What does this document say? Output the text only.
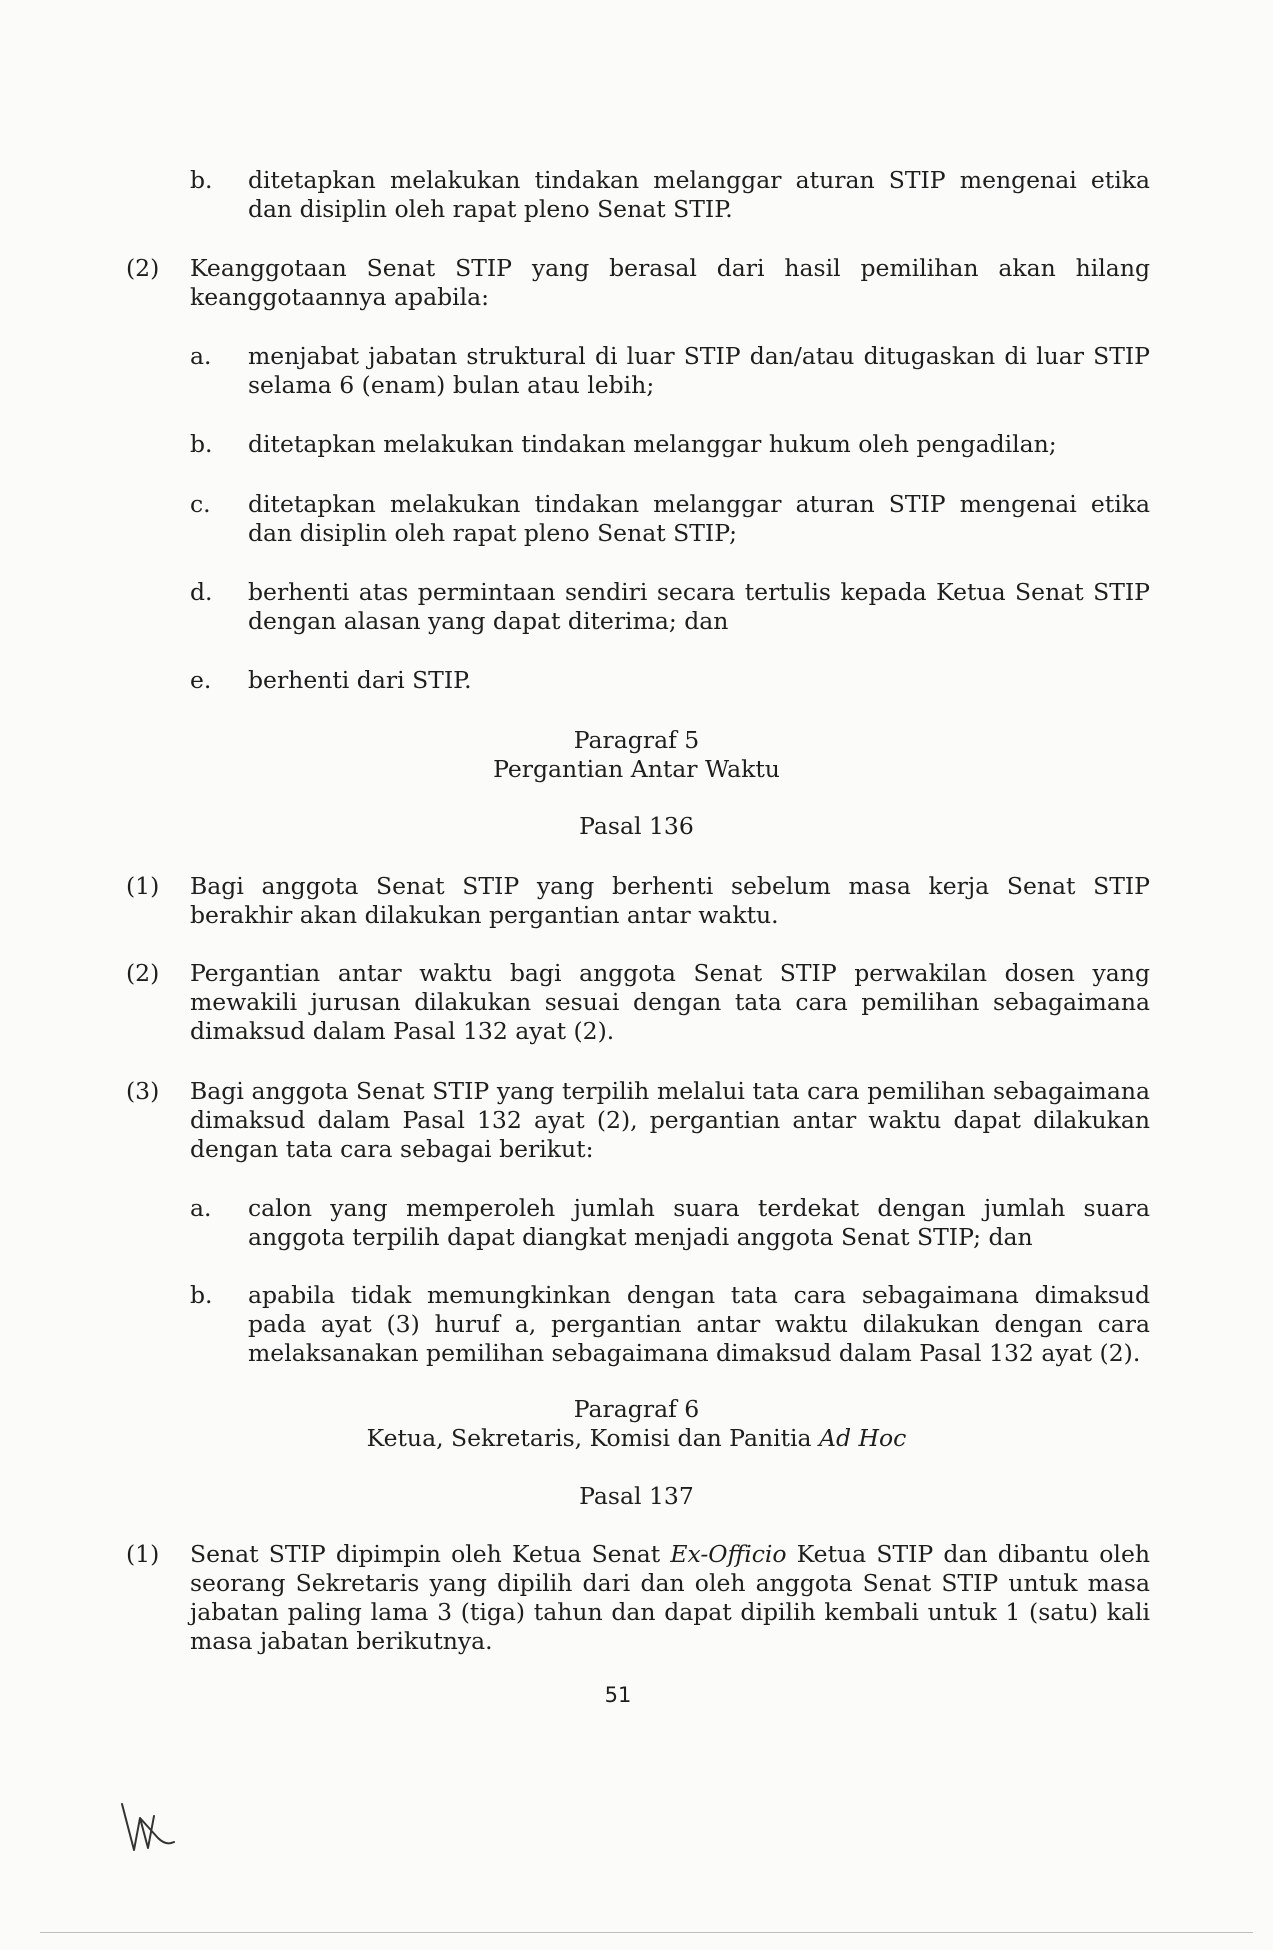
b. ditetapkan melakukan tindakan melanggar aturan STIP mengenai etika dan disiplin oleh rapat pleno Senat STIP.
(2) Keanggotaan Senat STIP yang berasal dari hasil pemilihan akan hilang keanggotaannya apabila:
a. menjabat jabatan struktural di luar STIP dan/atau ditugaskan di luar STIP selama 6 (enam) bulan atau lebih;
b. ditetapkan melakukan tindakan melanggar hukum oleh pengadilan;
c. ditetapkan melakukan tindakan melanggar aturan STIP mengenai etika dan disiplin oleh rapat pleno Senat STIP;
d. berhenti atas permintaan sendiri secara tertulis kepada Ketua Senat STIP dengan alasan yang dapat diterima; dan
e. berhenti dari STIP.
Paragraf 5
Pergantian Antar Waktu
Pasal 136
(1) Bagi anggota Senat STIP yang berhenti sebelum masa kerja Senat STIP berakhir akan dilakukan pergantian antar waktu.
(2) Pergantian antar waktu bagi anggota Senat STIP perwakilan dosen yang mewakili jurusan dilakukan sesuai dengan tata cara pemilihan sebagaimana dimaksud dalam Pasal 132 ayat (2).
(3) Bagi anggota Senat STIP yang terpilih melalui tata cara pemilihan sebagaimana dimaksud dalam Pasal 132 ayat (2), pergantian antar waktu dapat dilakukan dengan tata cara sebagai berikut:
a. calon yang memperoleh jumlah suara terdekat dengan jumlah suara anggota terpilih dapat diangkat menjadi anggota Senat STIP; dan
b. apabila tidak memungkinkan dengan tata cara sebagaimana dimaksud pada ayat (3) huruf a, pergantian antar waktu dilakukan dengan cara melaksanakan pemilihan sebagaimana dimaksud dalam Pasal 132 ayat (2).
Paragraf 6
Ketua, Sekretaris, Komisi dan Panitia Ad Hoc
Pasal 137
(1) Senat STIP dipimpin oleh Ketua Senat Ex-Officio Ketua STIP dan dibantu oleh seorang Sekretaris yang dipilih dari dan oleh anggota Senat STIP untuk masa jabatan paling lama 3 (tiga) tahun dan dapat dipilih kembali untuk 1 (satu) kali masa jabatan berikutnya.
51
